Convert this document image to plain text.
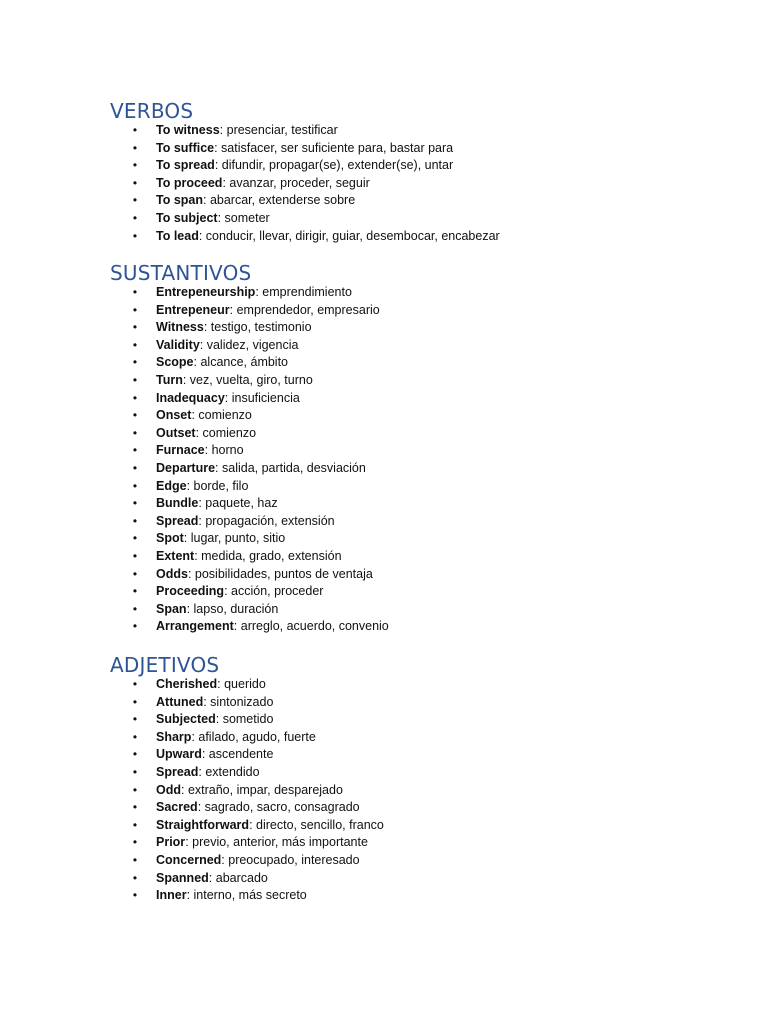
VERBOS
• To witness: presenciar, testificar
• To suffice: satisfacer, ser suficiente para, bastar para
• To spread: difundir, propagar(se), extender(se), untar
• To proceed: avanzar, proceder, seguir
• To span: abarcar, extenderse sobre
• To subject: someter
• To lead: conducir, llevar, dirigir, guiar, desembocar, encabezar
SUSTANTIVOS
• Entrepeneurship: emprendimiento
• Entrepeneur: emprendedor, empresario
• Witness: testigo, testimonio
• Validity: validez, vigencia
• Scope: alcance, ámbito
• Turn: vez, vuelta, giro, turno
• Inadequacy: insuficiencia
• Onset: comienzo
• Outset: comienzo
• Furnace: horno
• Departure: salida, partida, desviación
• Edge: borde, filo
• Bundle: paquete, haz
• Spread: propagación, extensión
• Spot: lugar, punto, sitio
• Extent: medida, grado, extensión
• Odds: posibilidades, puntos de ventaja
• Proceeding: acción, proceder
• Span: lapso, duración
• Arrangement: arreglo, acuerdo, convenio
ADJETIVOS
• Cherished: querido
• Attuned: sintonizado
• Subjected: sometido
• Sharp: afilado, agudo, fuerte
• Upward: ascendente
• Spread: extendido
• Odd: extraño, impar, desparejado
• Sacred: sagrado, sacro, consagrado
• Straightforward: directo, sencillo, franco
• Prior: previo, anterior, más importante
• Concerned: preocupado, interesado
• Spanned: abarcado
• Inner: interno, más secreto
